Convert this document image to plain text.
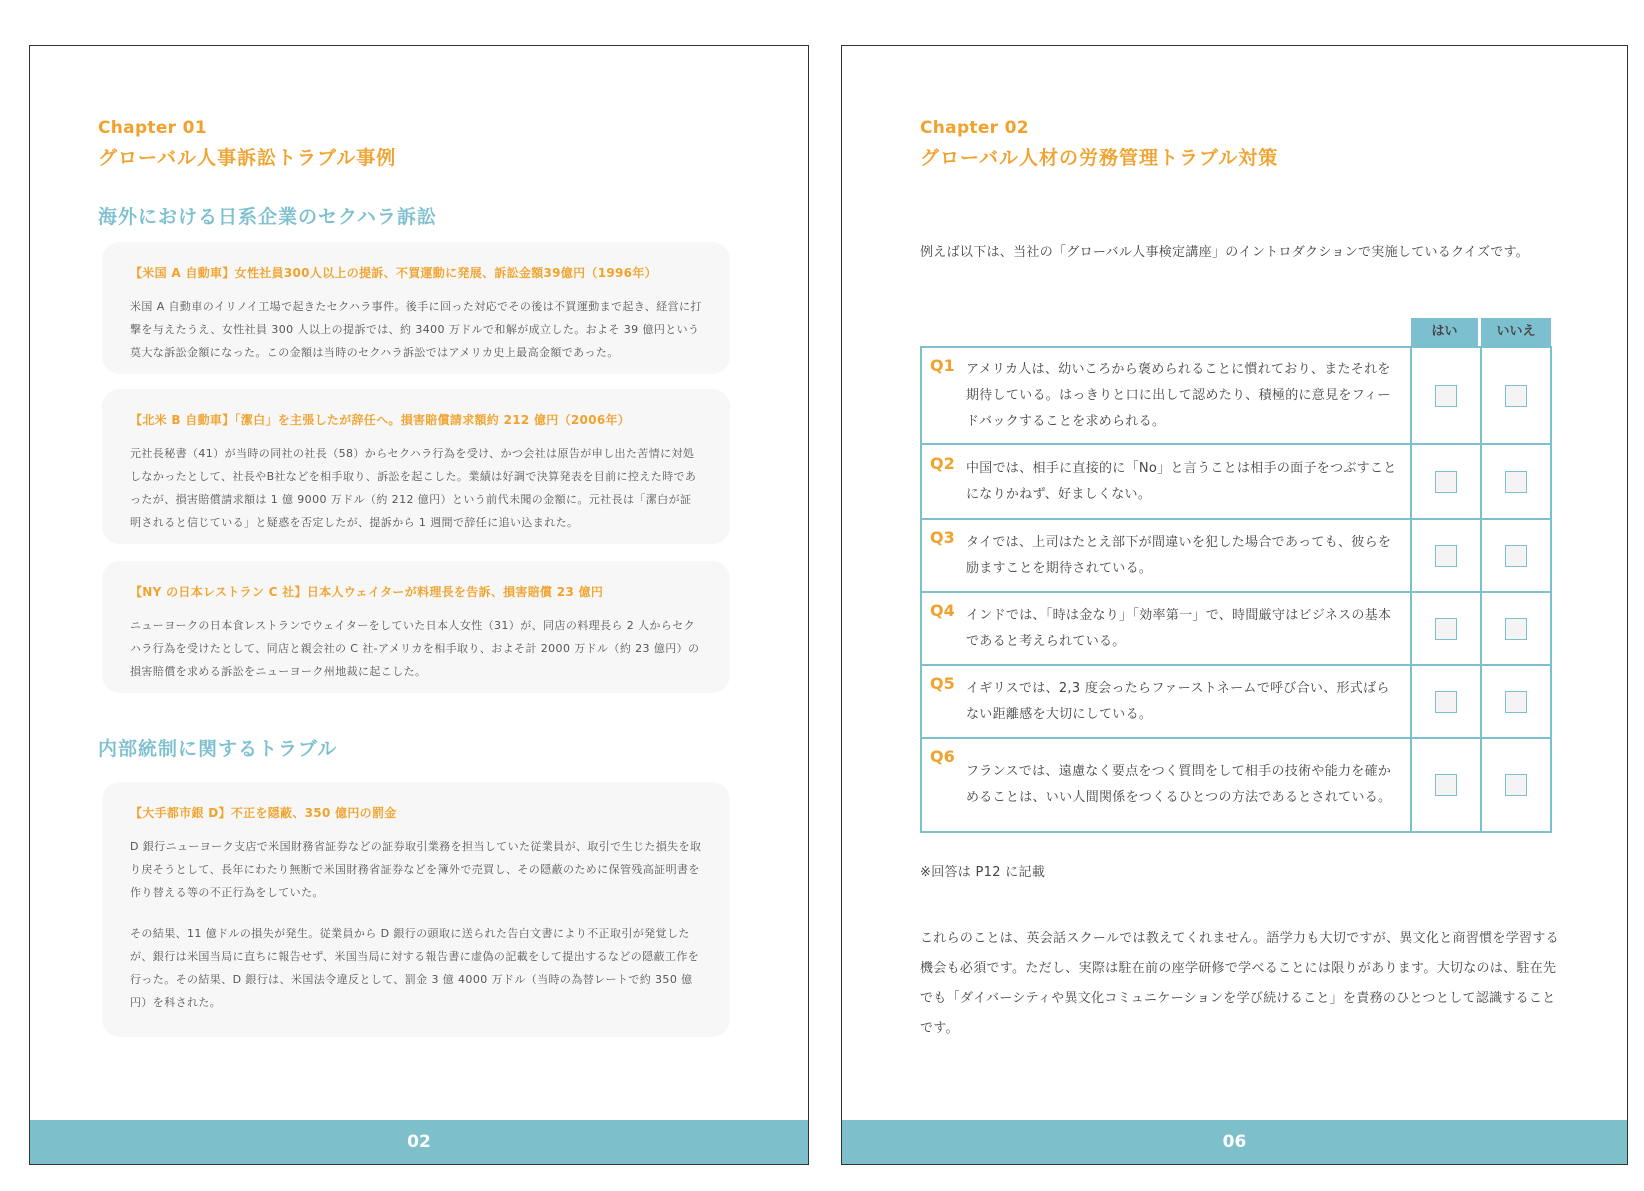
Chapter 01
グローバル人事訴訟トラブル事例
海外における日系企業のセクハラ訴訟
【米国 A 自動車】女性社員300人以上の提訴、不買運動に発展、訴訟金額39億円（1996年）
米国 A 自動車のイリノイ工場で起きたセクハラ事件。後手に回った対応でその後は不買運動まで起き、経営に打撃を与えたうえ、女性社員 300 人以上の提訴では、約 3400 万ドルで和解が成立した。およそ 39 億円という莫大な訴訟金額になった。この金額は当時のセクハラ訴訟ではアメリカ史上最高金額であった。
【北米 B 自動車】「潔白」を主張したが辞任へ。損害賠償請求額約 212 億円（2006年）
元社長秘書（41）が当時の同社の社長（58）からセクハラ行為を受け、かつ会社は原告が申し出た苦情に対処しなかったとして、社長やB社などを相手取り、訴訟を起こした。業績は好調で決算発表を目前に控えた時であったが、損害賠償請求額は 1 億 9000 万ドル（約 212 億円）という前代未聞の金額に。元社長は「潔白が証明されると信じている」と疑惑を否定したが、提訴から 1 週間で辞任に追い込まれた。
【NY の日本レストラン C 社】日本人ウェイターが料理長を告訴、損害賠償 23 億円
ニューヨークの日本食レストランでウェイターをしていた日本人女性（31）が、同店の料理長ら 2 人からセクハラ行為を受けたとして、同店と親会社の C 社-アメリカを相手取り、およそ計 2000 万ドル（約 23 億円）の損害賠償を求める訴訟をニューヨーク州地裁に起こした。
内部統制に関するトラブル
【大手都市銀 D】不正を隠蔽、350 億円の罰金
D 銀行ニューヨーク支店で米国財務省証券などの証券取引業務を担当していた従業員が、取引で生じた損失を取り戻そうとして、長年にわたり無断で米国財務省証券などを簿外で売買し、その隠蔽のために保管残高証明書を作り替える等の不正行為をしていた。
その結果、11 億ドルの損失が発生。従業員から D 銀行の頭取に送られた告白文書により不正取引が発覚したが、銀行は米国当局に直ちに報告せず、米国当局に対する報告書に虚偽の記載をして提出するなどの隠蔽工作を行った。その結果、D 銀行は、米国法令違反として、罰金 3 億 4000 万ドル（当時の為替レートで約 350 億円）を科された。
02
Chapter 02
グローバル人材の労務管理トラブル対策
例えば以下は、当社の「グローバル人事検定講座」のイントロダクションで実施しているクイズです。
はい	いいえ
Q1 アメリカ人は、幼いころから褒められることに慣れており、またそれを期待している。はっきりと口に出して認めたり、積極的に意見をフィードバックすることを求められる。
Q2 中国では、相手に直接的に「No」と言うことは相手の面子をつぶすことになりかねず、好ましくない。
Q3 タイでは、上司はたとえ部下が間違いを犯した場合であっても、彼らを励ますことを期待されている。
Q4 インドでは、「時は金なり」「効率第一」で、時間厳守はビジネスの基本であると考えられている。
Q5 イギリスでは、2,3 度会ったらファーストネームで呼び合い、形式ばらない距離感を大切にしている。
Q6
フランスでは、遠慮なく要点をつく質問をして相手の技術や能力を確かめることは、いい人間関係をつくるひとつの方法であるとされている。
※回答は P12 に記載
これらのことは、英会話スクールでは教えてくれません。語学力も大切ですが、異文化と商習慣を学習する機会も必須です。ただし、実際は駐在前の座学研修で学べることには限りがあります。大切なのは、駐在先でも「ダイバーシティや異文化コミュニケーションを学び続けること」を責務のひとつとして認識することです。
06
